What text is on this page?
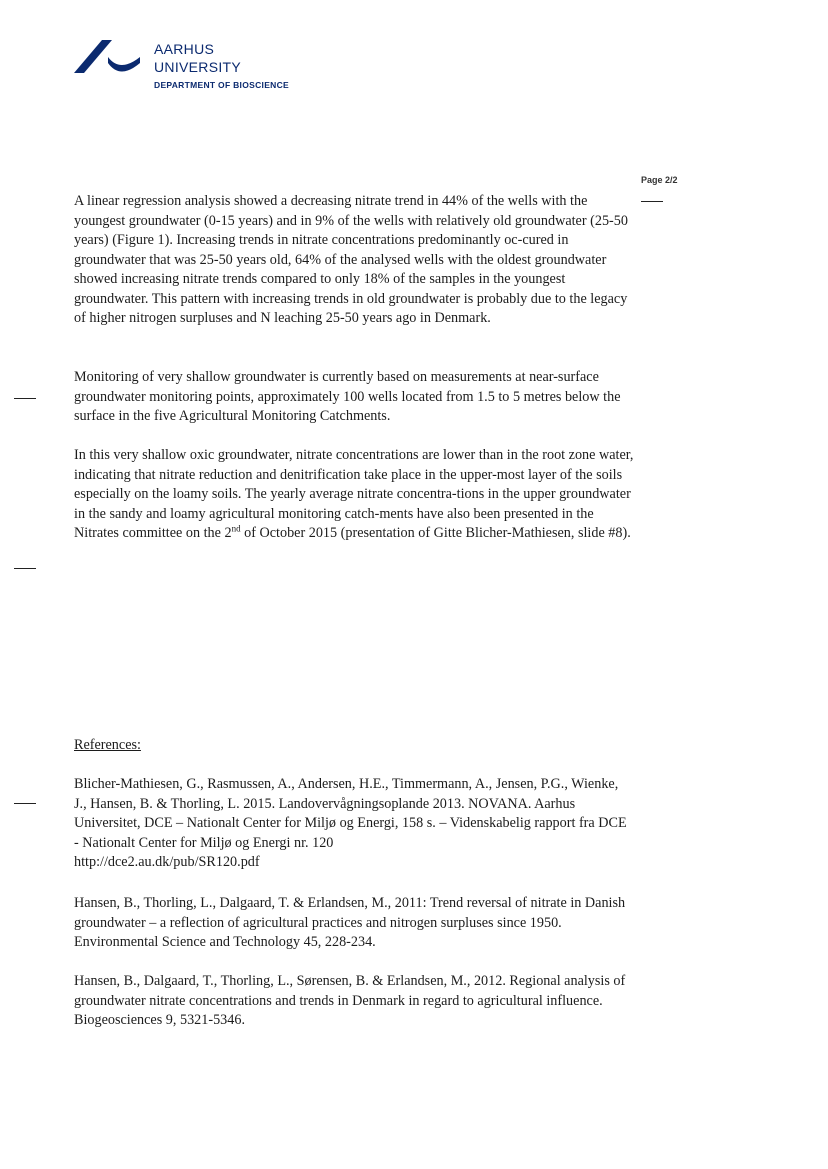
AARHUS
UNIVERSITY
DEPARTMENT OF BIOSCIENCE
Page 2/2

A linear regression analysis showed a decreasing nitrate trend in 44% of the wells with the youngest groundwater (0-15 years) and in 9% of the wells with relatively old groundwater (25-50 years) (Figure 1). Increasing trends in nitrate concentrations predominantly oc-cured in groundwater that was 25-50 years old, 64% of the analysed wells with the oldest groundwater showed increasing nitrate trends compared to only 18% of the samples in the youngest groundwater. This pattern with increasing trends in old groundwater is probably due to the legacy of higher nitrogen surpluses and N leaching 25-50 years ago in Denmark.

Monitoring of very shallow groundwater is currently based on measurements at near-surface groundwater monitoring points, approximately 100 wells located from 1.5 to 5 metres below the surface in the five Agricultural Monitoring Catchments.

In this very shallow oxic groundwater, nitrate concentrations are lower than in the root zone water, indicating that nitrate reduction and denitrification take place in the upper-most layer of the soils especially on the loamy soils. The yearly average nitrate concentra-tions in the upper groundwater in the sandy and loamy agricultural monitoring catch-ments have also been presented in the Nitrates committee on the 2nd of October 2015 (presentation of Gitte Blicher-Mathiesen, slide #8).

References:

Blicher-Mathiesen, G., Rasmussen, A., Andersen, H.E., Timmermann, A., Jensen, P.G., Wienke, J., Hansen, B. & Thorling, L. 2015. Landovervågningsoplande 2013. NOVANA. Aarhus Universitet, DCE – Nationalt Center for Miljø og Energi, 158 s. – Videnskabelig rapport fra DCE - Nationalt Center for Miljø og Energi nr. 120
http://dce2.au.dk/pub/SR120.pdf

Hansen, B., Thorling, L., Dalgaard, T. & Erlandsen, M., 2011: Trend reversal of nitrate in Danish groundwater – a reflection of agricultural practices and nitrogen surpluses since 1950. Environmental Science and Technology 45, 228-234.

Hansen, B., Dalgaard, T., Thorling, L., Sørensen, B. & Erlandsen, M., 2012. Regional analysis of groundwater nitrate concentrations and trends in Denmark in regard to agricultural influence. Biogeosciences 9, 5321-5346.
